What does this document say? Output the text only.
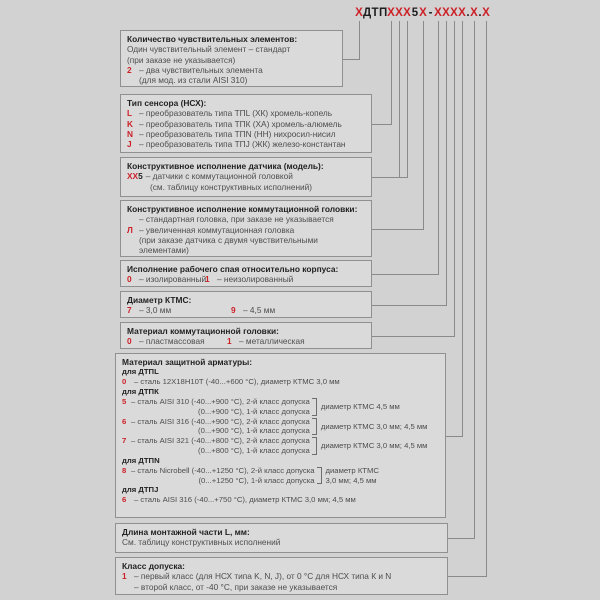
Х Д Т П Х Х Х 5 Х - Х Х Х Х . Х . Х
Количество чувствительных элементов:
Один чувствительный элемент – стандарт
(при заказе не указывается)
2 – два чувствительных элемента
(для мод. из стали AISI 310)
Тип сенсора (НСХ):
L – преобразователь типа ТПL (ХК) хромель-копель
K – преобразователь типа ТПК (ХА) хромель-алюмель
N – преобразователь типа ТПN (НН) нихросил-нисил
J – преобразователь типа ТПJ (ЖК) железо-константан
Конструктивное исполнение датчика (модель):
ХХ5 – датчики с коммутационной головкой
(см. таблицу конструктивных исполнений)
Конструктивное исполнение коммутационной головки:
– стандартная головка, при заказе не указывается
Л – увеличенная коммутационная головка
(при заказе датчика с двумя чувствительными
элементами)
Исполнение рабочего спая относительно корпуса:
0 – изолированный1 – неизолированный
Диаметр КТМС:
7 – 3,0 мм	9 – 4,5 мм
Материал коммутационной головки:
0 – пластмассовая	1 – металлическая
Материал защитной арматуры:
для ДТПL
0 – сталь 12Х18Н10Т (-40...+600 °C), диаметр КТМС 3,0 мм
для ДТПК
5 – сталь AISI 310 (-40...+900 °C), 2-й класс допуска
(0...+900 °C), 1-й класс допуска
диаметр КТМС 4,5 мм
6 – сталь AISI 316 (-40...+900 °C), 2-й класс допуска
(0...+900 °C), 1-й класс допуска
диаметр КТМС 3,0 мм; 4,5 мм
7 – сталь AISI 321 (-40...+800 °C), 2-й класс допуска
(0...+800 °C), 1-й класс допуска
диаметр КТМС 3,0 мм; 4,5 мм
для ДТПN
8 – сталь Nicrobell (-40...+1250 °C), 2-й класс допуска
(0...+1250 °C), 1-й класс допуска
диаметр КТМС
3,0 мм; 4,5 мм
для ДТПJ
6 – сталь AISI 316 (-40...+750 °C), диаметр КТМС 3,0 мм; 4,5 мм
Длина монтажной части L, мм:
См. таблицу конструктивных исполнений
Класс допуска:
1 – первый класс (для НСХ типа K, N, J), от 0 °C для НСХ типа К и N
– второй класс, от -40 °C, при заказе не указывается
